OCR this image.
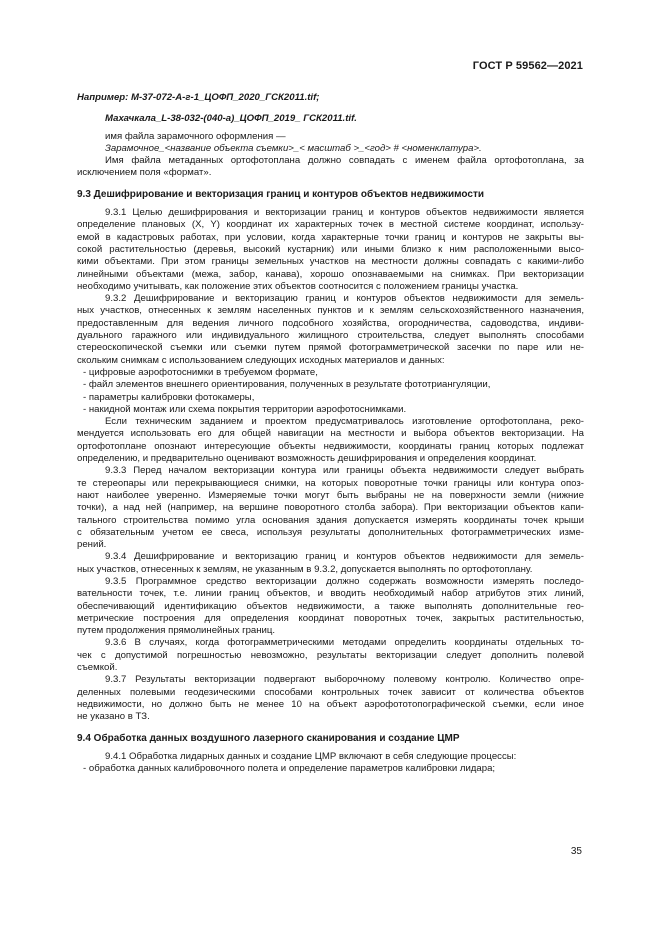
ГОСТ Р 59562—2021
Например: М-37-072-А-г-1_ЦОФП_2020_ГСК2011.tif;
Махачкала_L-38-032-(040-а)_ЦОФП_2019_ ГСК2011.tif.
имя файла зарамочного оформления —
Зарамочное_<название объекта съемки>_< масштаб >_<год> # <номенклатура>.
Имя файла метаданных ортофотоплана должно совпадать с именем файла ортофотоплана, за
исключением поля «формат».
9.3 Дешифрирование и векторизация границ и контуров объектов недвижимости
9.3.1 Целью дешифрирования и векторизации границ и контуров объектов недвижимости является
определение плановых (X, Y) координат их характерных точек в местной системе координат, использу-
емой в кадастровых работах, при условии, когда характерные точки границ и контуров не закрыты вы-
сокой растительностью (деревья, высокий кустарник) или иными близко к ним расположенными высо-
кими объектами. При этом границы земельных участков на местности должны совпадать с какими-либо
линейными объектами (межа, забор, канава), хорошо опознаваемыми на снимках. При векторизации
необходимо учитывать, как положение этих объектов соотносится с положением границы участка.
9.3.2 Дешифрирование и векторизацию границ и контуров объектов недвижимости для земель-
ных участков, отнесенных к землям населенных пунктов и к землям сельскохозяйственного назначения,
предоставленным для ведения личного подсобного хозяйства, огородничества, садоводства, индиви-
дуального гаражного или индивидуального жилищного строительства, следует выполнять способами
стереоскопической съемки или съемки путем прямой фотограмметрической засечки по паре или не-
скольким снимкам с использованием следующих исходных материалов и данных:
- цифровые аэрофотоснимки в требуемом формате,
- файл элементов внешнего ориентирования, полученных в результате фототриангуляции,
- параметры калибровки фотокамеры,
- накидной монтаж или схема покрытия территории аэрофотоснимками.
Если техническим заданием и проектом предусматривалось изготовление ортофотоплана, реко-
мендуется использовать его для общей навигации на местности и выбора объектов векторизации. На
ортофотоплане опознают интересующие объекты недвижимости, координаты границ которых подлежат
определению, и предварительно оценивают возможность дешифрирования и определения координат.
9.3.3 Перед началом векторизации контура или границы объекта недвижимости следует выбрать
те стереопары или перекрывающиеся снимки, на которых поворотные точки границы или контура опоз-
нают наиболее уверенно. Измеряемые точки могут быть выбраны не на поверхности земли (нижние
точки), а над ней (например, на вершине поворотного столба забора). При векторизации объектов капи-
тального строительства помимо угла основания здания допускается измерять координаты точек крыши
с обязательным учетом ее свеса, используя результаты дополнительных фотограмметрических изме-
рений.
9.3.4 Дешифрирование и векторизацию границ и контуров объектов недвижимости для земель-
ных участков, отнесенных к землям, не указанным в 9.3.2, допускается выполнять по ортофотоплану.
9.3.5 Программное средство векторизации должно содержать возможности измерять последо-
вательности точек, т.е. линии границ объектов, и вводить необходимый набор атрибутов этих линий,
обеспечивающий идентификацию объектов недвижимости, а также выполнять дополнительные гео-
метрические построения для определения координат поворотных точек, закрытых растительностью,
путем продолжения прямолинейных границ.
9.3.6 В случаях, когда фотограмметрическими методами определить координаты отдельных то-
чек с допустимой погрешностью невозможно, результаты векторизации следует дополнить полевой
съемкой.
9.3.7 Результаты векторизации подвергают выборочному полевому контролю. Количество опре-
деленных полевыми геодезическими способами контрольных точек зависит от количества объектов
недвижимости, но должно быть не менее 10 на объект аэрофототопографической съемки, если иное
не указано в ТЗ.
9.4 Обработка данных воздушного лазерного сканирования и создание ЦМР
9.4.1 Обработка лидарных данных и создание ЦМР включают в себя следующие процессы:
- обработка данных калибровочного полета и определение параметров калибровки лидара;
35
